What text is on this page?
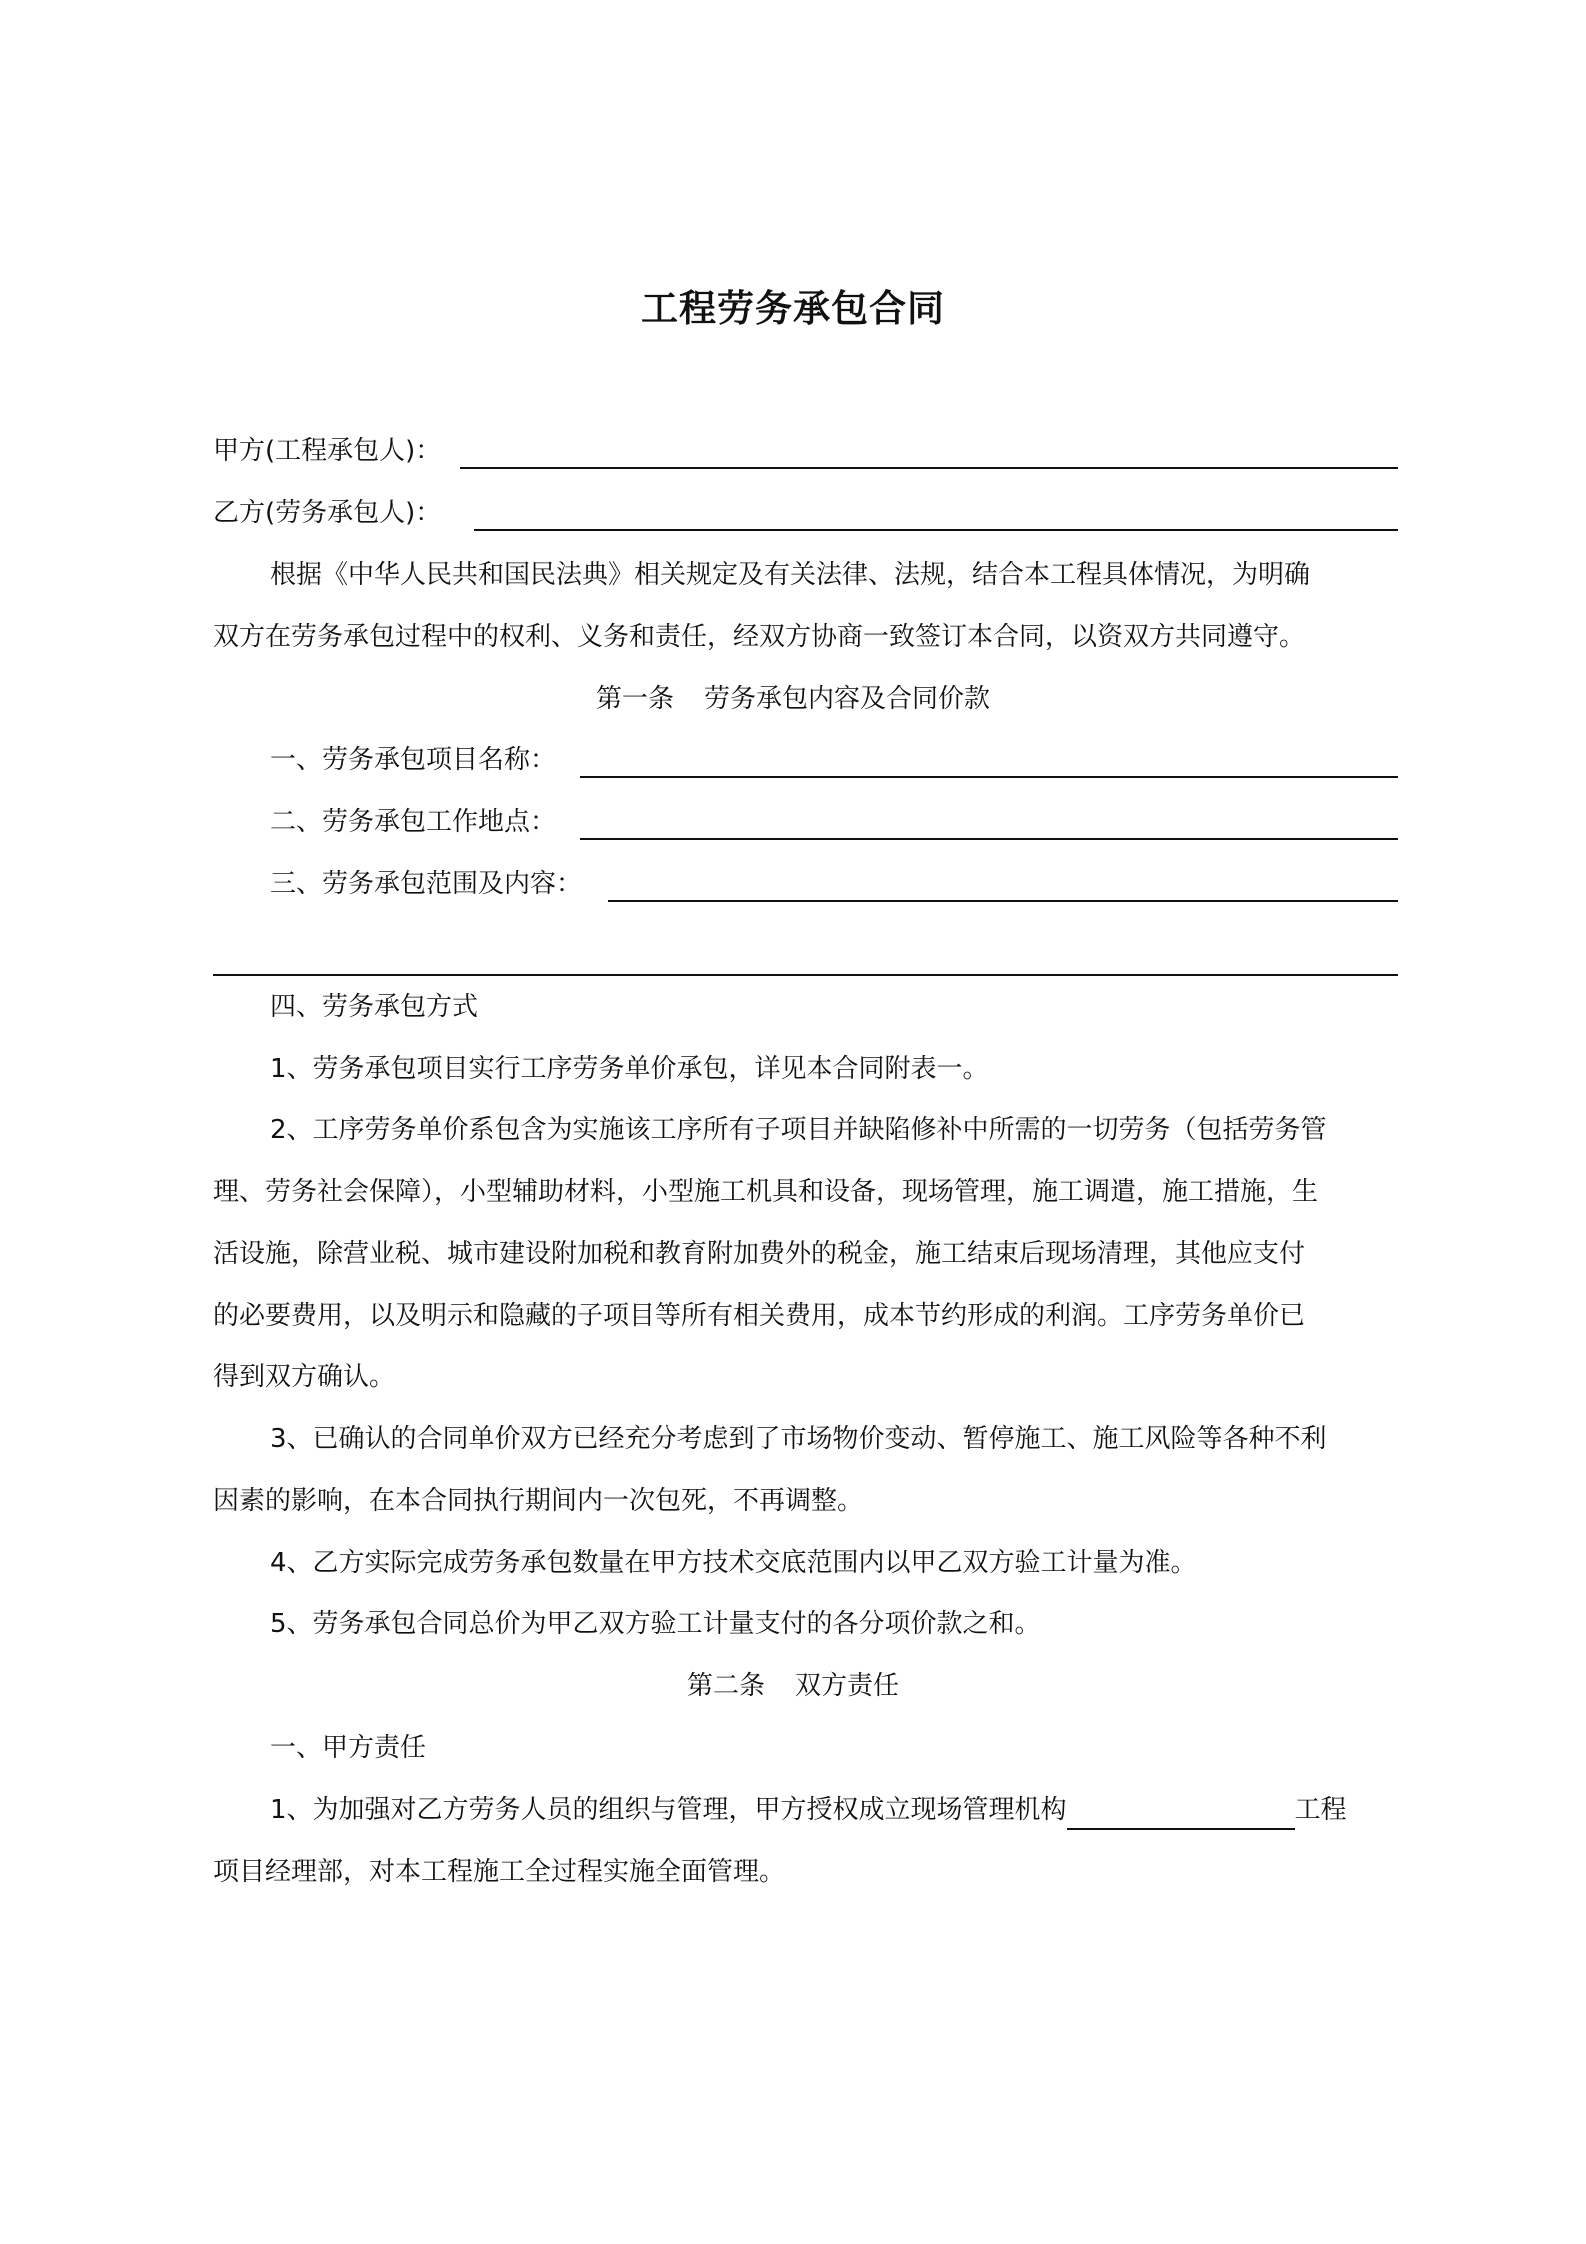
工程劳务承包合同
甲方(工程承包人)：
乙方(劳务承包人)：
根据《中华人民共和国民法典》相关规定及有关法律、法规，结合本工程具体情况，为明确
双方在劳务承包过程中的权利、义务和责任，经双方协商一致签订本合同，以资双方共同遵守。
第一条 劳务承包内容及合同价款
一、劳务承包项目名称：
二、劳务承包工作地点：
三、劳务承包范围及内容：
四、劳务承包方式
1、劳务承包项目实行工序劳务单价承包，详见本合同附表一。
2、工序劳务单价系包含为实施该工序所有子项目并缺陷修补中所需的一切劳务（包括劳务管
理、劳务社会保障），小型辅助材料，小型施工机具和设备，现场管理，施工调遣，施工措施，生
活设施，除营业税、城市建设附加税和教育附加费外的税金，施工结束后现场清理，其他应支付
的必要费用，以及明示和隐藏的子项目等所有相关费用，成本节约形成的利润。工序劳务单价已
得到双方确认。
3、已确认的合同单价双方已经充分考虑到了市场物价变动、暂停施工、施工风险等各种不利
因素的影响，在本合同执行期间内一次包死，不再调整。
4、乙方实际完成劳务承包数量在甲方技术交底范围内以甲乙双方验工计量为准。
5、劳务承包合同总价为甲乙双方验工计量支付的各分项价款之和。
第二条 双方责任
一、甲方责任
1、为加强对乙方劳务人员的组织与管理，甲方授权成立现场管理机构	工程
项目经理部，对本工程施工全过程实施全面管理。
